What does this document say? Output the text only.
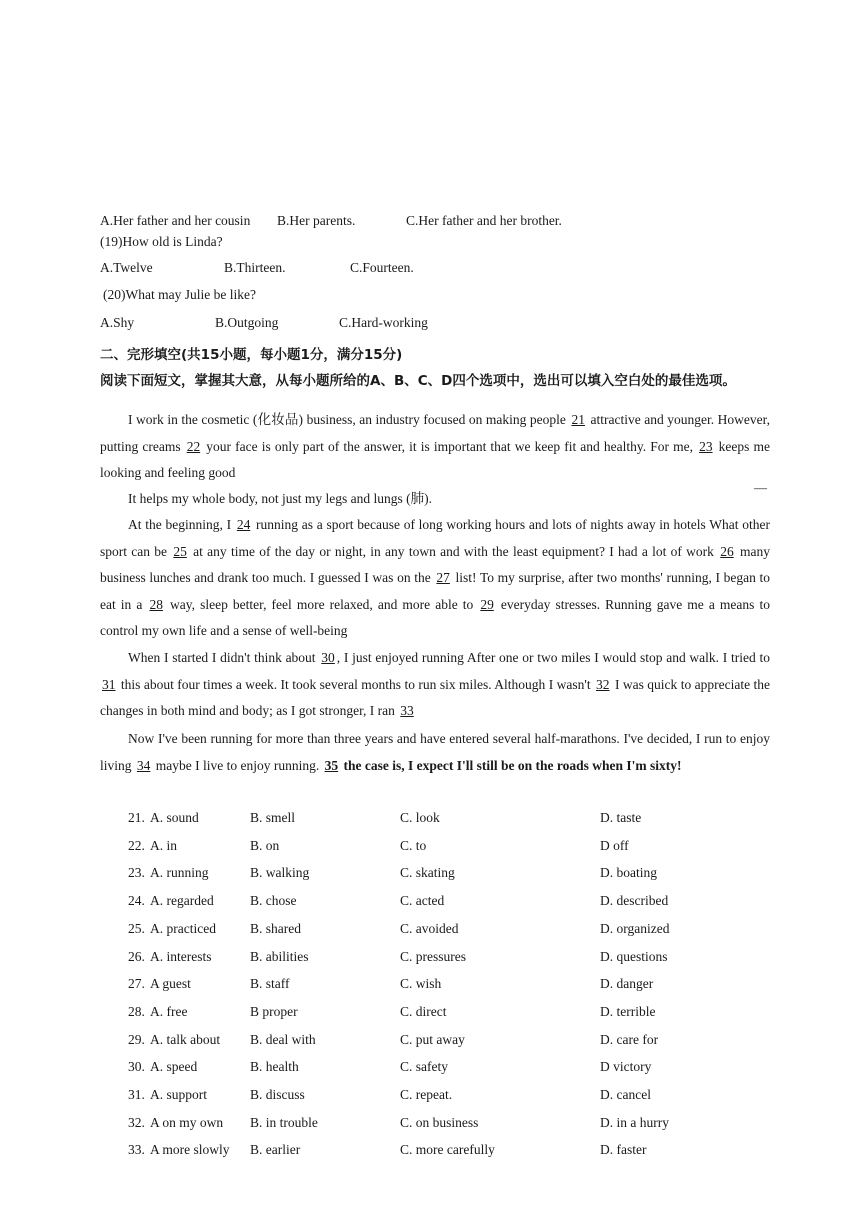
A.Her father and her cousin B.Her parents.	C.Her father and her brother.
(19)How old is Linda?
A.Twelve	B.Thirteen.	C.Fourteen.
(20)What may Julie be like?
A.Shy	B.Outgoing	C.Hard-working
二、完形填空(共15小题，每小题1分，满分15分)
阅读下面短文，掌握其大意，从每小题所给的A、B、C、D四个选项中，选出可以填入空白处的最佳选项。
I work in the cosmetic (化妆品) business, an industry focused on making people 21 attractive and younger. However, putting creams 22 your face is only part of the answer, it is important that we keep fit and healthy. For me, 23 keeps me looking and feeling good
It helps my whole body, not just my legs and lungs (肺).
—
At the beginning, I 24 running as a sport because of long working hours and lots of nights away in hotels What other sport can be 25 at any time of the day or night, in any town and with the least equipment? I had a lot of work 26 many business lunches and drank too much. I guessed I was on the 27 list! To my surprise, after two months' running, I began to eat in a 28 way, sleep better, feel more relaxed, and more able to 29 everyday stresses. Running gave me a means to control my own life and a sense of well-being
When I started I didn't think about 30 , I just enjoyed running After one or two miles I would stop and walk. I tried to 31 this about four times a week. It took several months to run six miles. Although I wasn't 32 I was quick to appreciate the changes in both mind and body; as I got stronger, I ran 33
Now I've been running for more than three years and have entered several half-marathons. I've decided, I run to enjoy living 34 maybe I live to enjoy running. 35 the case is, I expect I'll still be on the roads when I'm sixty!
21. A. sound	B. smell	C. look	D. taste
22. A. in	B. on	C. to	D off
23. A. running	B. walking	C. skating	D. boating
24. A. regarded	B. chose	C. acted	D. described
25. A. practiced	B. shared	C. avoided	D. organized
26. A. interests	B. abilities	C. pressures	D. questions
27. A guest	B. staff	C. wish	D. danger
28. A. free	B proper	C. direct	D. terrible
29. A. talk about B. deal with	C. put away	D. care for
30. A. speed	B. health	C. safety	D victory
31. A. support	B. discuss	C. repeat.	D. cancel
32. A on my own B. in trouble	C. on business	D. in a hurry
33. A more slowly B. earlier	C. more carefully	D. faster
